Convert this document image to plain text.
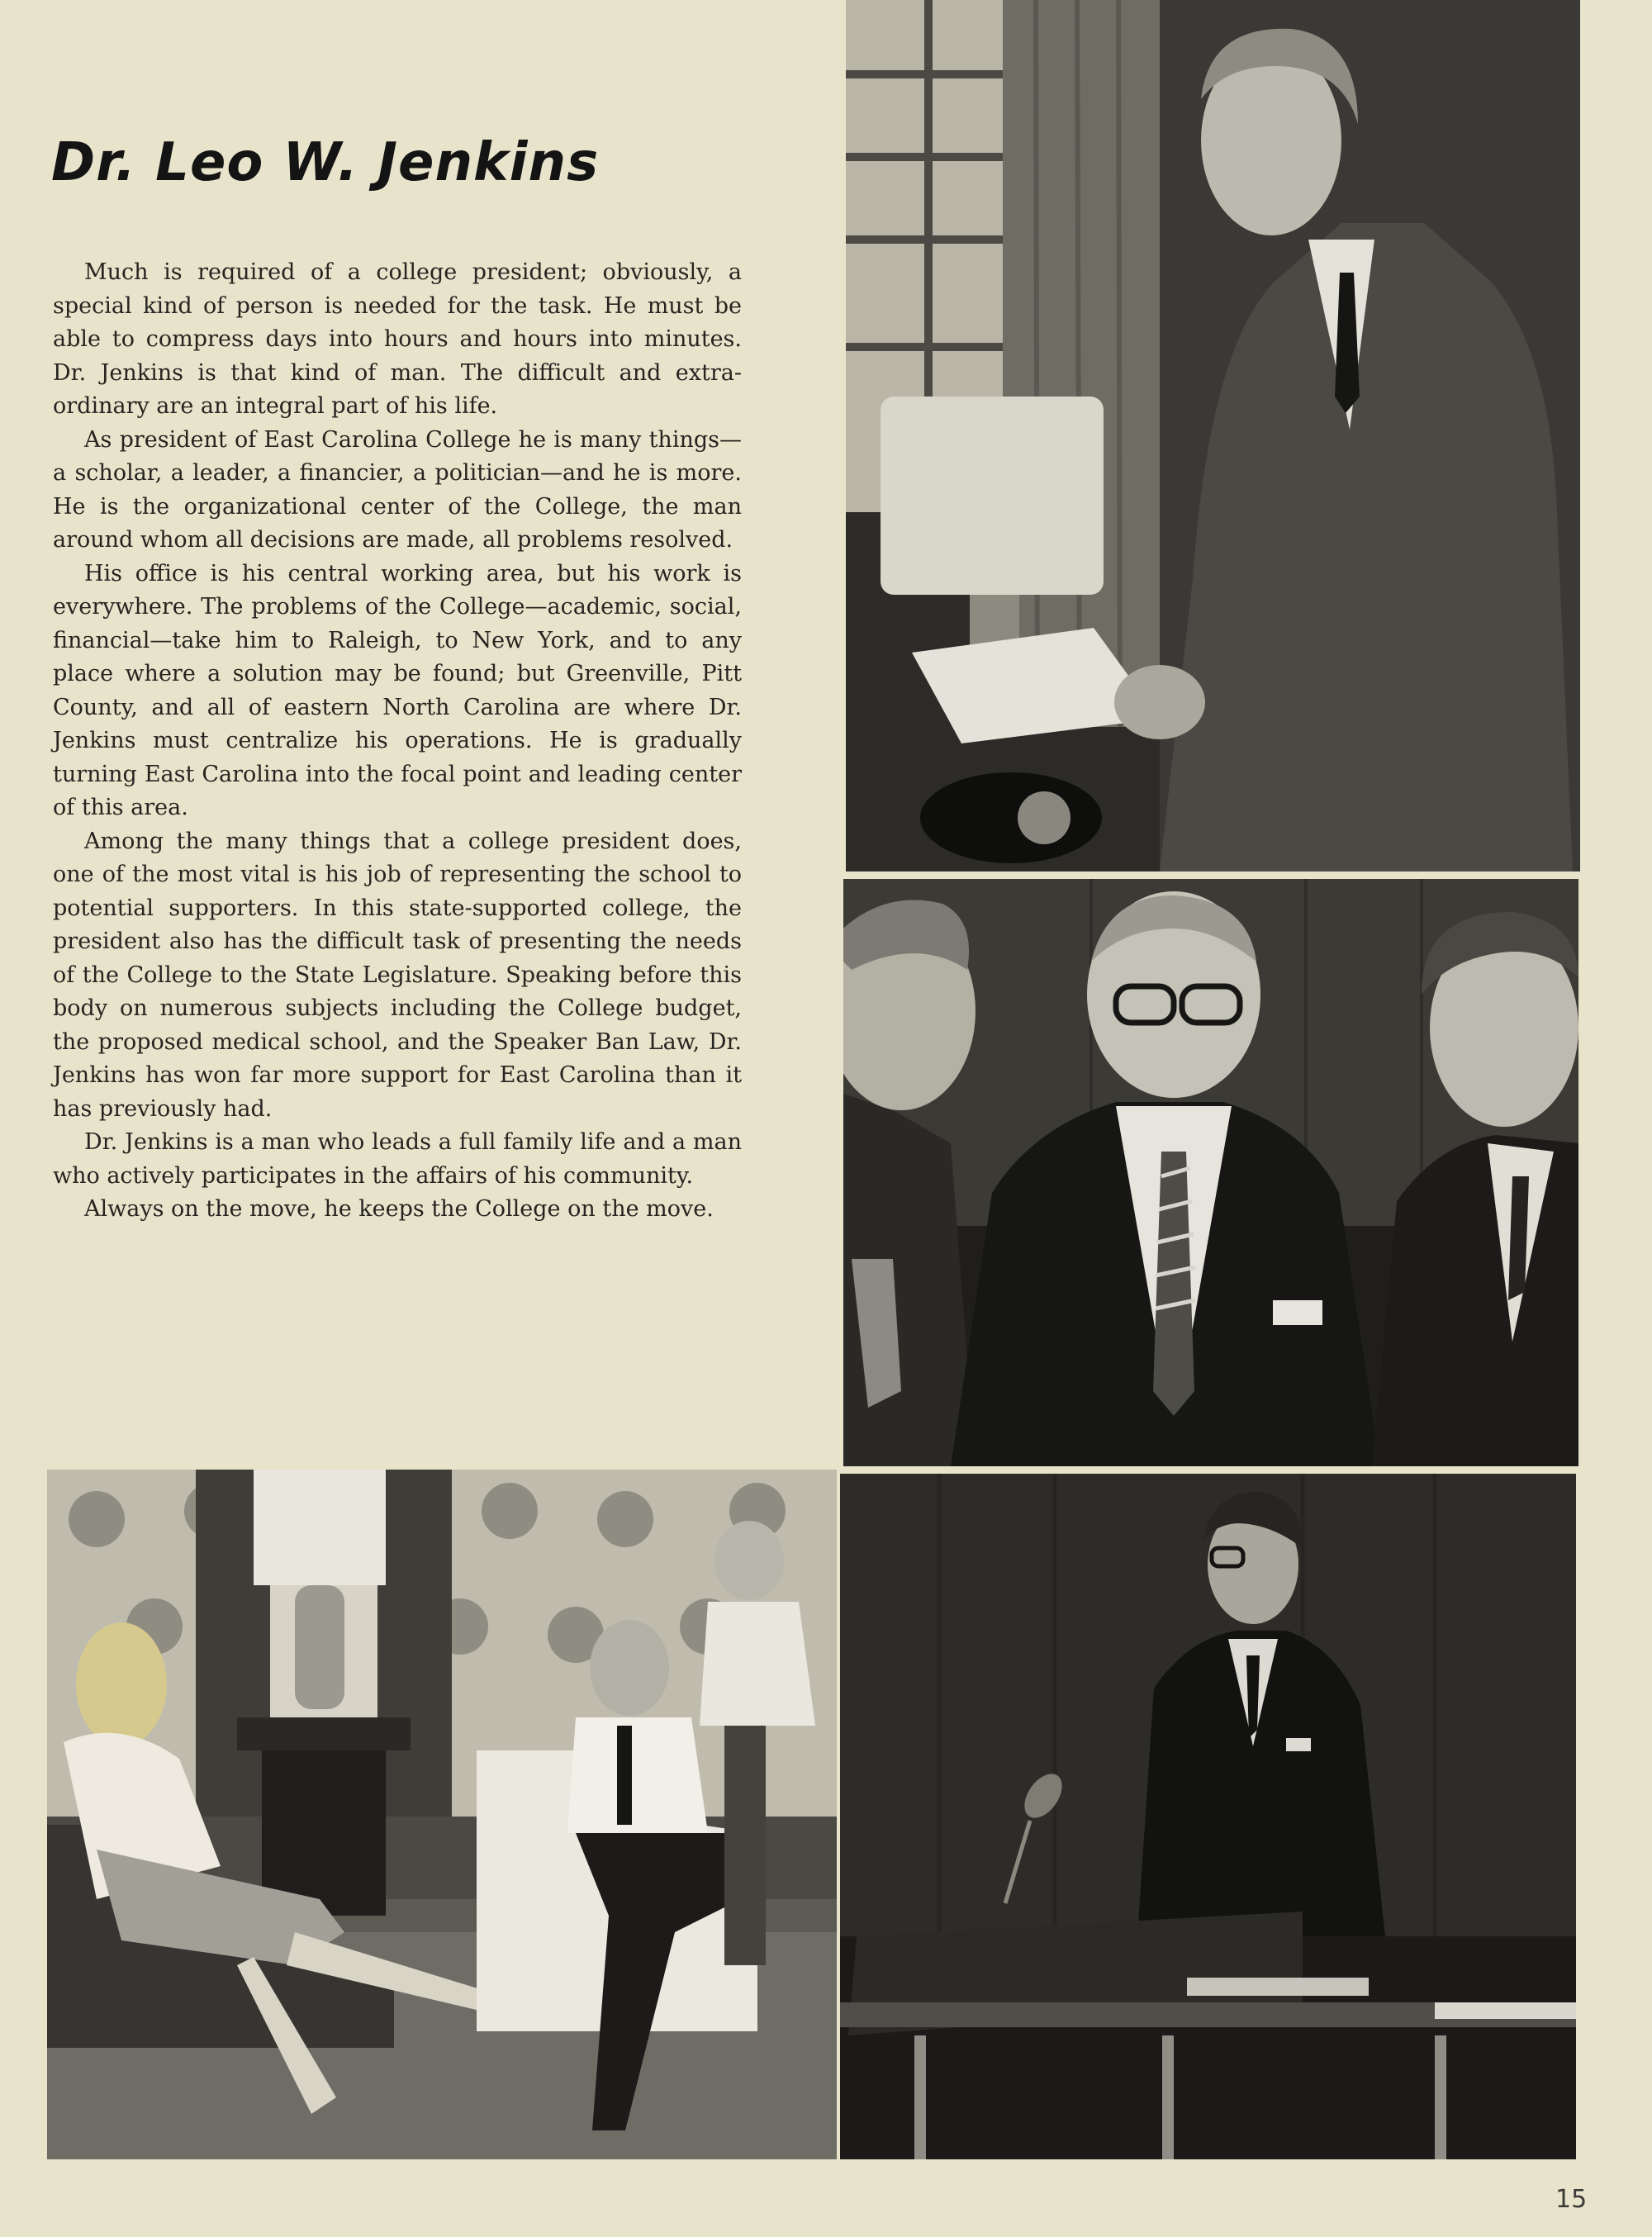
Dr. Leo W. Jenkins

Much is required of a college president; obviously, a special kind of person is needed for the task. He must be able to compress days into hours and hours into minutes. Dr. Jenkins is that kind of man. The difficult and extra-ordinary are an integral part of his life.

As president of East Carolina College he is many things—a scholar, a leader, a financier, a politician—and he is more. He is the organizational center of the College, the man around whom all decisions are made, all problems resolved.

His office is his central working area, but his work is everywhere. The problems of the College—academic, social, financial—take him to Raleigh, to New York, and to any place where a solution may be found; but Greenville, Pitt County, and all of eastern North Carolina are where Dr. Jenkins must centralize his operations. He is gradually turning East Carolina into the focal point and leading center of this area.

Among the many things that a college president does, one of the most vital is his job of representing the school to potential supporters. In this state-supported college, the president also has the difficult task of presenting the needs of the College to the State Legislature. Speaking before this body on numerous subjects including the College budget, the proposed medical school, and the Speaker Ban Law, Dr. Jenkins has won far more support for East Carolina than it has previously had.

Dr. Jenkins is a man who leads a full family life and a man who actively participates in the affairs of his community.

Always on the move, he keeps the College on the move.

15
